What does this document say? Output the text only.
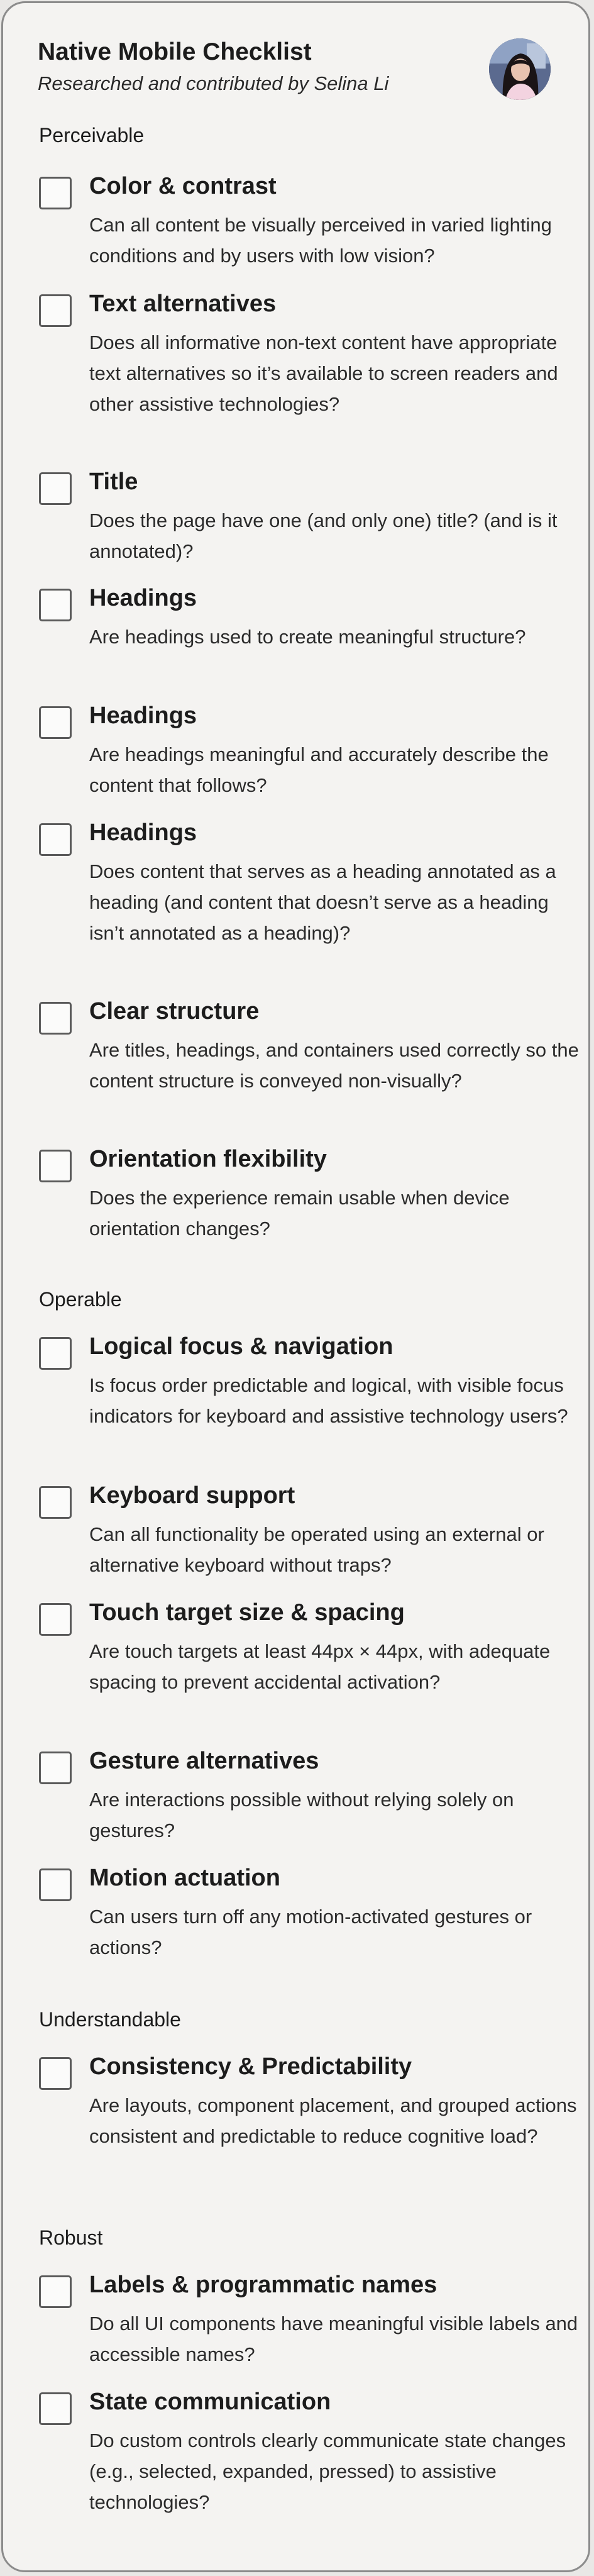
Native Mobile Checklist
Researched and contributed by Selina Li
Perceivable
Color & contrast
Can all content be visually perceived in varied lighting conditions and by users with low vision?
Text alternatives
Does all informative non-text content have appropriate text alternatives so it’s available to screen readers and other assistive technologies?
Title
Does the page have one (and only one) title? (and is it annotated)?
Headings
Are headings used to create meaningful structure?
Headings
Are headings meaningful and accurately describe the content that follows?
Headings
Does content that serves as a heading annotated as a heading (and content that doesn’t serve as a heading isn’t annotated as a heading)?
Clear structure
Are titles, headings, and containers used correctly so the content structure is conveyed non-visually?
Orientation flexibility
Does the experience remain usable when device orientation changes?
Operable
Logical focus & navigation
Is focus order predictable and logical, with visible focus indicators for keyboard and assistive technology users?
Keyboard support
Can all functionality be operated using an external or alternative keyboard without traps?
Touch target size & spacing
Are touch targets at least 44px × 44px, with adequate spacing to prevent accidental activation?
Gesture alternatives
Are interactions possible without relying solely on gestures?
Motion actuation
Can users turn off any motion-activated gestures or actions?
Understandable
Consistency & Predictability
Are layouts, component placement, and grouped actions consistent and predictable to reduce cognitive load?
Robust
Labels & programmatic names
Do all UI components have meaningful visible labels and accessible names?
State communication
Do custom controls clearly communicate state changes (e.g., selected, expanded, pressed) to assistive technologies?
